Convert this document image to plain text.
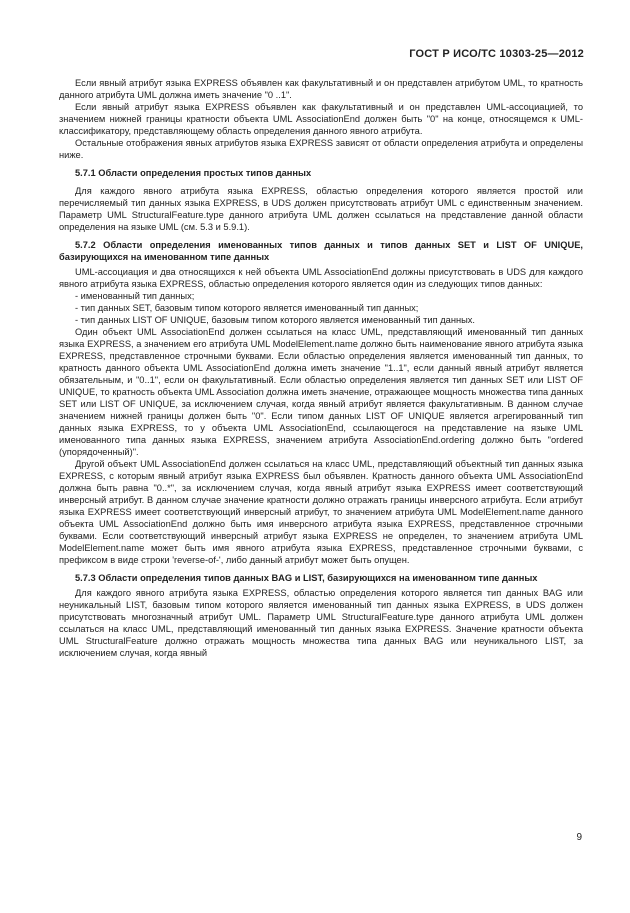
ГОСТ Р ИСО/ТС 10303-25—2012

Если явный атрибут языка EXPRESS объявлен как факультативный и он представлен атрибутом UML, то кратность данного атрибута UML должна иметь значение "0 ..1".

Если явный атрибут языка EXPRESS объявлен как факультативный и он представлен UML-ассоциацией, то значением нижней границы кратности объекта UML AssociationEnd должен быть "0" на конце, относящемся к UML-классификатору, представляющему область определения данного явного атрибута.

Остальные отображения явных атрибутов языка EXPRESS зависят от области определения атрибута и определены ниже.

5.7.1 Области определения простых типов данных

Для каждого явного атрибута языка EXPRESS, областью определения которого является простой или перечисляемый тип данных языка EXPRESS, в UDS должен присутствовать атрибут UML с единственным значением. Параметр UML StructuralFeature.type данного атрибута UML должен ссылаться на представление данной области определения на языке UML (см. 5.3 и 5.9.1).

5.7.2 Области определения именованных типов данных и типов данных SET и LIST OF UNIQUE, базирующихся на именованном типе данных

UML-ассоциация и два относящихся к ней объекта UML AssociationEnd должны присутствовать в UDS для каждого явного атрибута языка EXPRESS, областью определения которого является один из следующих типов данных:

- именованный тип данных;

- тип данных SET, базовым типом которого является именованный тип данных;

- тип данных LIST OF UNIQUE, базовым типом которого является именованный тип данных.

Один объект UML AssociationEnd должен ссылаться на класс UML, представляющий именованный тип данных языка EXPRESS, а значением его атрибута UML ModelElement.name должно быть наименование явного атрибута языка EXPRESS, представленное строчными буквами. Если областью определения является именованный тип данных, то кратность данного объекта UML AssociationEnd должна иметь значение "1..1", если данный явный атрибут является обязательным, и "0..1", если он факультативный. Если областью определения является тип данных SET или LIST OF UNIQUE, то кратность объекта UML Association должна иметь значение, отражающее мощность множества типа данных SET или LIST OF UNIQUE, за исключением случая, когда явный атрибут является факультативным. В данном случае значением нижней границы должен быть "0". Если типом данных LIST OF UNIQUE является агрегированный тип данных языка EXPRESS, то у объекта UML AssociationEnd, ссылающегося на представление на языке UML именованного типа данных языка EXPRESS, значением атрибута AssociationEnd.ordering должно быть "ordered (упорядоченный)".

Другой объект UML AssociationEnd должен ссылаться на класс UML, представляющий объектный тип данных языка EXPRESS, с которым явный атрибут языка EXPRESS был объявлен. Кратность данного объекта UML AssociationEnd должна быть равна "0..*", за исключением случая, когда явный атрибут языка EXPRESS имеет соответствующий инверсный атрибут. В данном случае значение кратности должно отражать границы инверсного атрибута. Если атрибут языка EXPRESS имеет соответствующий инверсный атрибут, то значением атрибута UML ModelElement.name данного объекта UML AssociationEnd должно быть имя инверсного атрибута языка EXPRESS, представленное строчными буквами. Если соответствующий инверсный атрибут языка EXPRESS не определен, то значением атрибута UML ModelElement.name может быть имя явного атрибута языка EXPRESS, представленное строчными буквами, с префиксом в виде строки 'reverse-of-', либо данный атрибут может быть опущен.

5.7.3 Области определения типов данных BAG и LIST, базирующихся на именованном типе данных

Для каждого явного атрибута языка EXPRESS, областью определения которого является тип данных BAG или неуникальный LIST, базовым типом которого является именованный тип данных языка EXPRESS, в UDS должен присутствовать многозначный атрибут UML. Параметр UML StructuralFeature.type данного атрибута UML должен ссылаться на класс UML, представляющий именованный тип данных языка EXPRESS. Значение кратности объекта UML StructuralFeature должно отражать мощность множества типа данных BAG или неуникального LIST, за исключением случая, когда явный

9
